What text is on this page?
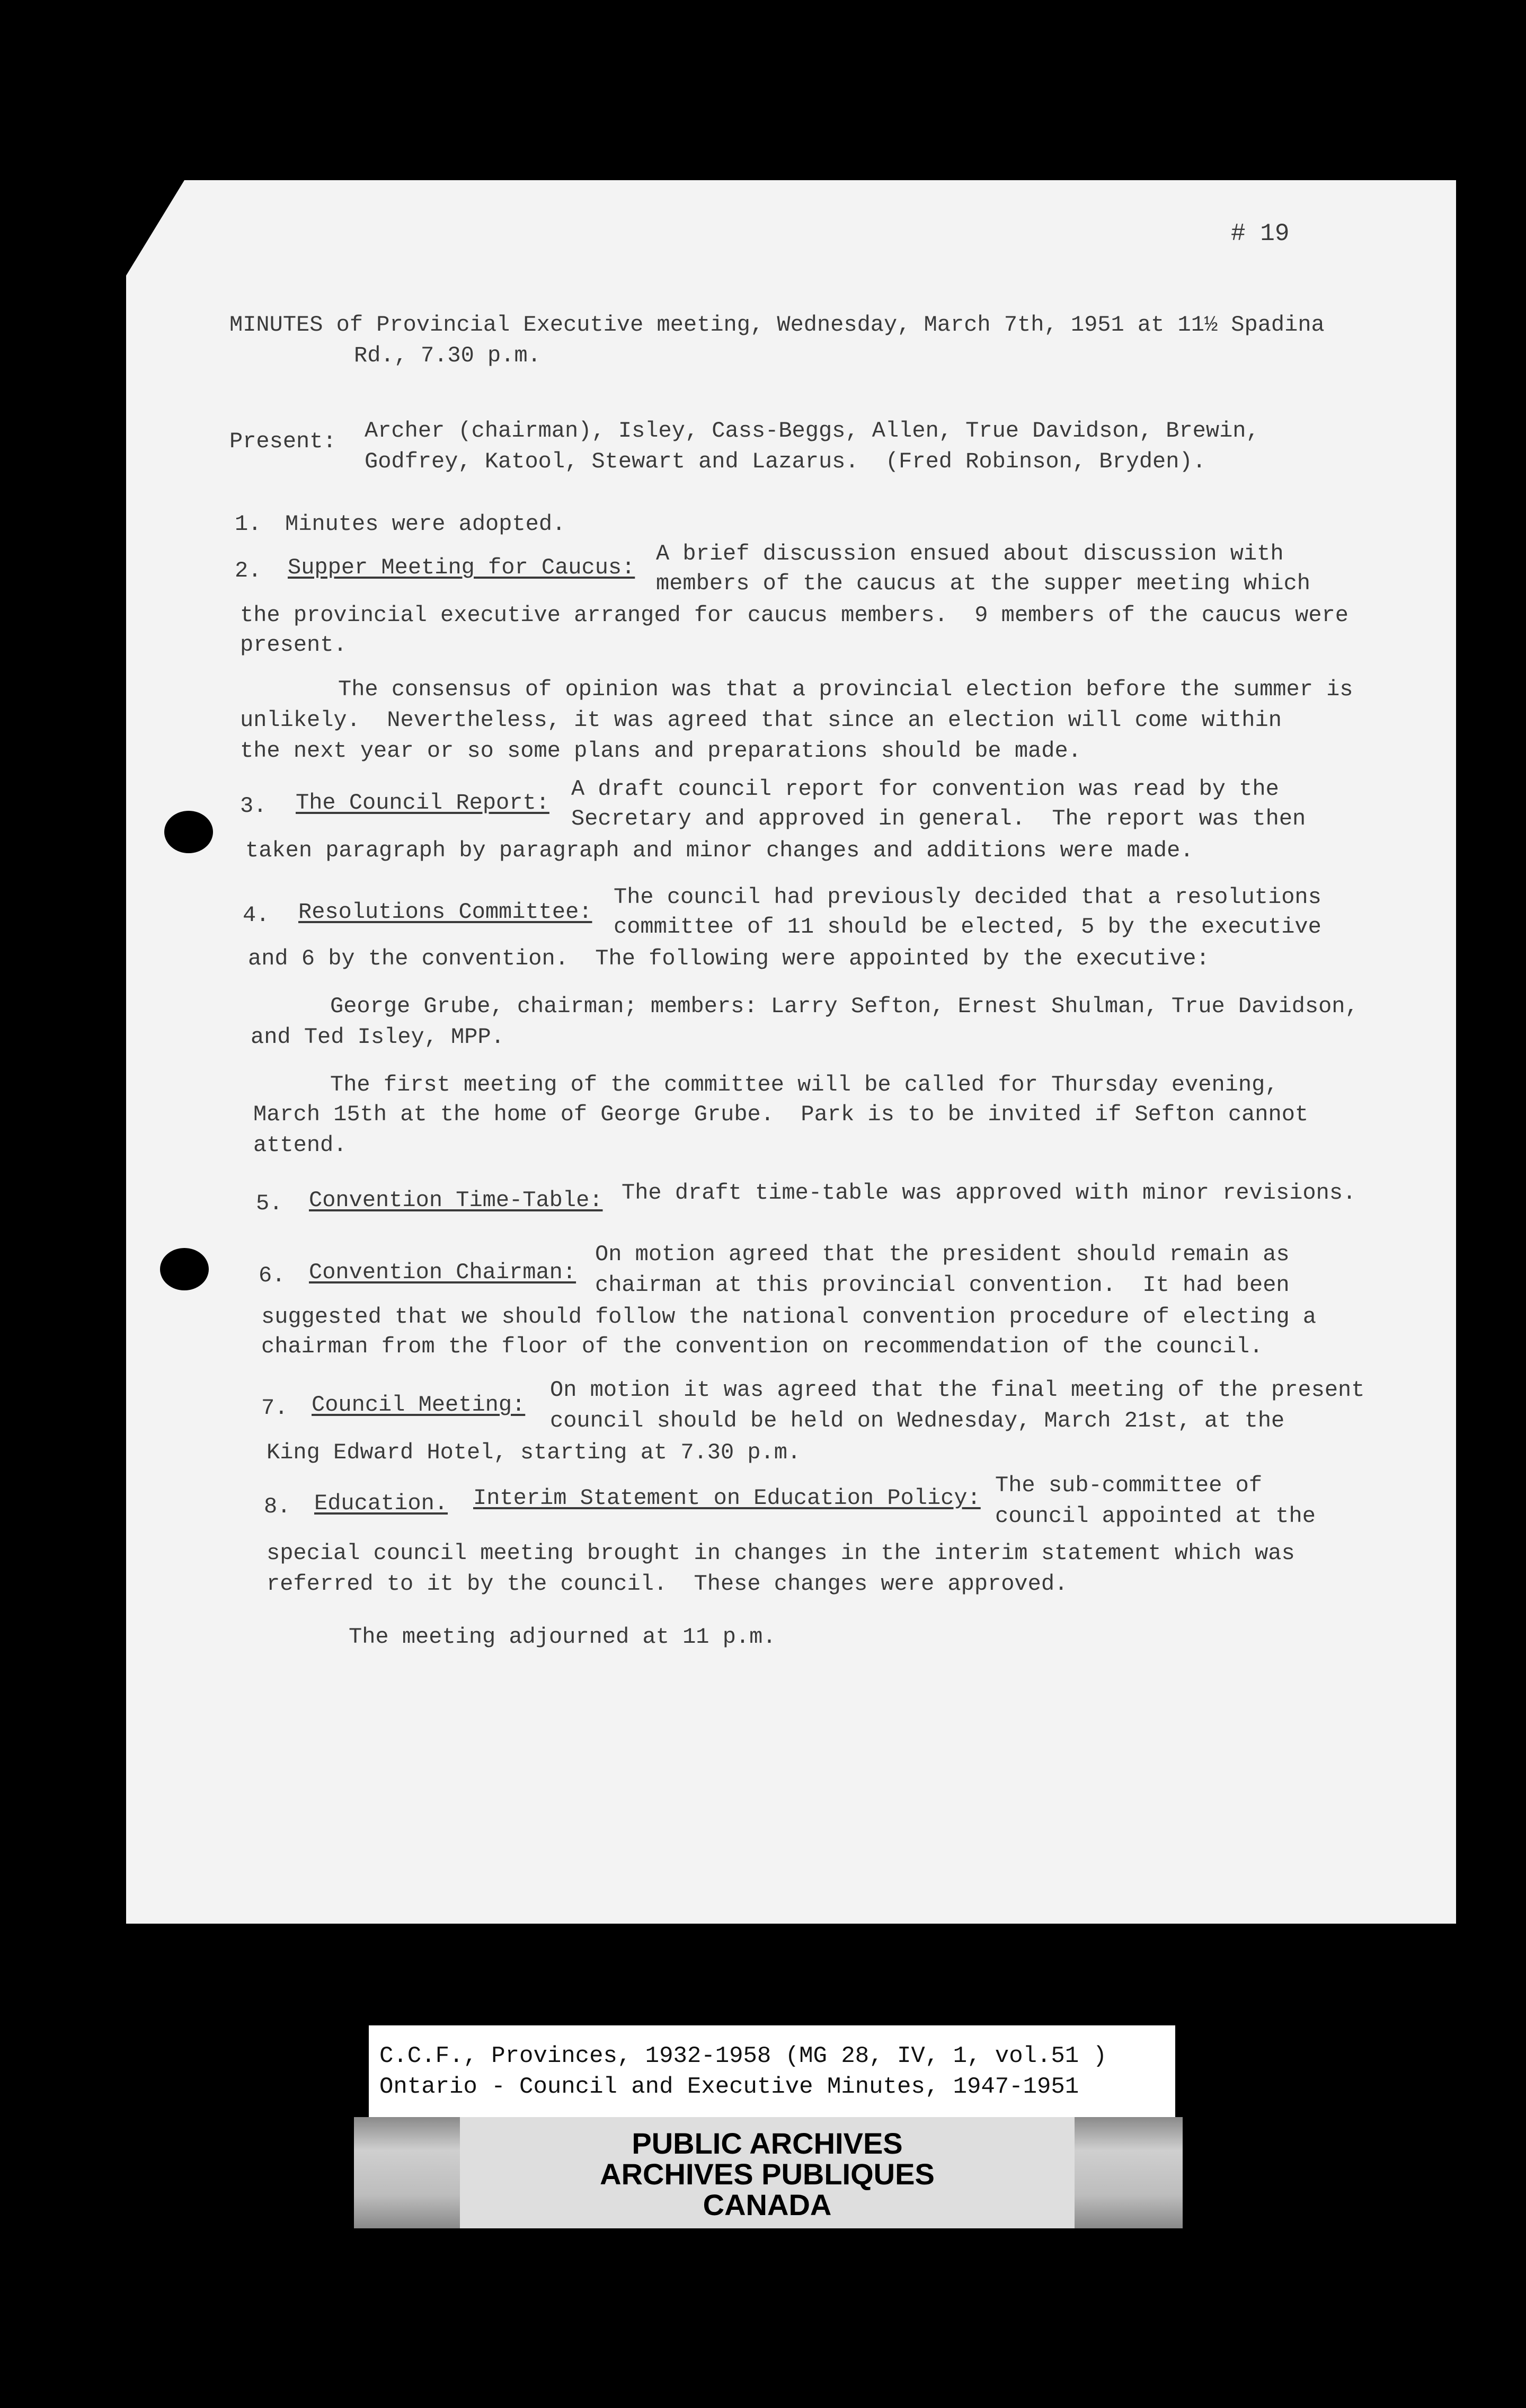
# 19
MINUTES of Provincial Executive meeting, Wednesday, March 7th, 1951 at 11½ Spadina
Rd., 7.30 p.m.
Present: Archer (chairman), Isley, Cass-Beggs, Allen, True Davidson, Brewin,
Godfrey, Katool, Stewart and Lazarus.  (Fred Robinson, Bryden).
1. Minutes were adopted.
2. Supper Meeting for Caucus:
A brief discussion ensued about discussion with
members of the caucus at the supper meeting which
the provincial executive arranged for caucus members.  9 members of the caucus were
present.
The consensus of opinion was that a provincial election before the summer is
unlikely.  Nevertheless, it was agreed that since an election will come within
the next year or so some plans and preparations should be made.
3. The Council Report:
A draft council report for convention was read by the
Secretary and approved in general.  The report was then
taken paragraph by paragraph and minor changes and additions were made.
4. Resolutions Committee:
The council had previously decided that a resolutions
committee of 11 should be elected, 5 by the executive
and 6 by the convention.  The following were appointed by the executive:
George Grube, chairman; members: Larry Sefton, Ernest Shulman, True Davidson,
and Ted Isley, MPP.
The first meeting of the committee will be called for Thursday evening,
March 15th at the home of George Grube.  Park is to be invited if Sefton cannot
attend.
5. Convention Time-Table: The draft time-table was approved with minor revisions.
6. Convention Chairman:
On motion agreed that the president should remain as
chairman at this provincial convention.  It had been
suggested that we should follow the national convention procedure of electing a
chairman from the floor of the convention on recommendation of the council.
7. Council Meeting:
On motion it was agreed that the final meeting of the present
council should be held on Wednesday, March 21st, at the
King Edward Hotel, starting at 7.30 p.m.
8. Education. Interim Statement on Education Policy: The sub-committee of
council appointed at the
special council meeting brought in changes in the interim statement which was
referred to it by the council.  These changes were approved.
The meeting adjourned at 11 p.m.
C.C.F., Provinces, 1932-1958 (MG 28, IV, 1, vol.51 )
Ontario - Council and Executive Minutes, 1947-1951
PUBLIC ARCHIVES
ARCHIVES PUBLIQUES
CANADA
